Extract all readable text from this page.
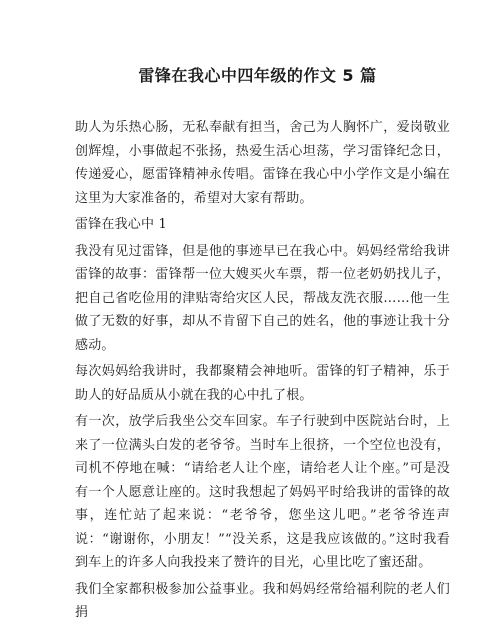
雷锋在我心中四年级的作文 5 篇

助人为乐热心肠，无私奉献有担当，舍己为人胸怀广，爱岗敬业创辉煌，小事做起不张扬，热爱生活心坦荡，学习雷锋纪念日，传递爱心，愿雷锋精神永传唱。雷锋在我心中小学作文是小编在这里为大家准备的，希望对大家有帮助。

雷锋在我心中 1

我没有见过雷锋，但是他的事迹早已在我心中。妈妈经常给我讲雷锋的故事：雷锋帮一位大嫂买火车票，帮一位老奶奶找儿子，把自己省吃俭用的津贴寄给灾区人民，帮战友洗衣服……他一生做了无数的好事，却从不肯留下自己的姓名，他的事迹让我十分感动。

每次妈妈给我讲时，我都聚精会神地听。雷锋的钉子精神，乐于助人的好品质从小就在我的心中扎了根。

有一次，放学后我坐公交车回家。车子行驶到中医院站台时，上来了一位满头白发的老爷爷。当时车上很挤，一个空位也没有，司机不停地在喊：“请给老人让个座，请给老人让个座。”可是没有一个人愿意让座的。这时我想起了妈妈平时给我讲的雷锋的故事，连忙站了起来说：“老爷爷，您坐这儿吧。”老爷爷连声说：“谢谢你，小朋友！”“没关系，这是我应该做的。”这时我看到车上的许多人向我投来了赞许的目光，心里比吃了蜜还甜。

我们全家都积极参加公益事业。我和妈妈经常给福利院的老人们捐
